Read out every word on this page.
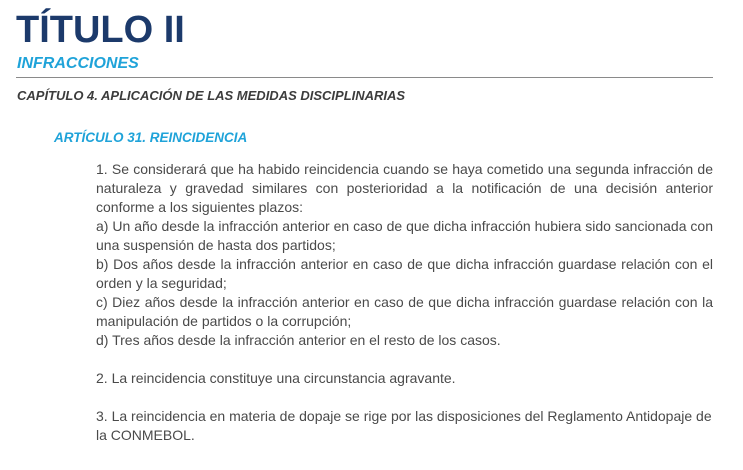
TÍTULO II
INFRACCIONES
CAPÍTULO 4. APLICACIÓN DE LAS MEDIDAS DISCIPLINARIAS
ARTÍCULO 31. REINCIDENCIA

1. Se considerará que ha habido reincidencia cuando se haya cometido una segunda infracción de naturaleza y gravedad similares con posterioridad a la notificación de una decisión anterior conforme a los siguientes plazos:

a) Un año desde la infracción anterior en caso de que dicha infracción hubiera sido sancionada con una suspensión de hasta dos partidos;

b) Dos años desde la infracción anterior en caso de que dicha infracción guardase relación con el orden y la seguridad;

c) Diez años desde la infracción anterior en caso de que dicha infracción guardase relación con la manipulación de partidos o la corrupción;

d) Tres años desde la infracción anterior en el resto de los casos.

2. La reincidencia constituye una circunstancia agravante.

3. La reincidencia en materia de dopaje se rige por las disposiciones del Reglamento Antidopaje de la CONMEBOL.
